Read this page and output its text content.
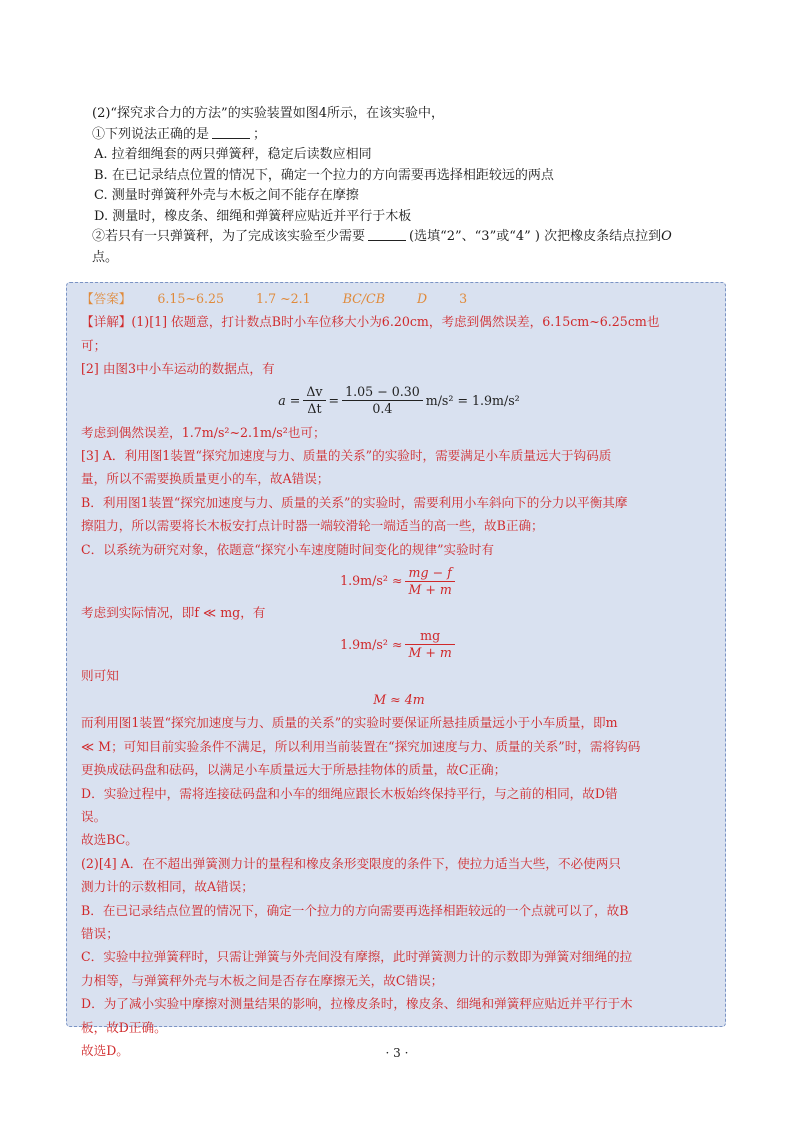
(2)“探究求合力的方法”的实验装置如图4所示，在该实验中，

①下列说法正确的是	；

A. 拉着细绳套的两只弹簧秤，稳定后读数应相同

B. 在已记录结点位置的情况下，确定一个拉力的方向需要再选择相距较远的两点

C. 测量时弹簧秤外壳与木板之间不能存在摩擦

D. 测量时，橡皮条、细绳和弹簧秤应贴近并平行于木板

②若只有一只弹簧秤，为了完成该实验至少需要	(选填“2”、“3”或“4” ) 次把橡皮条结点拉到O

点。

【答案】 6.15~6.25	1.7 ~2.1	BC/CB	D	3

【详解】(1)[1] 依题意，打计数点B时小车位移大小为6.20cm，考虑到偶然误差，6.15cm~6.25cm也

可；

[2] 由图3中小车运动的数据点，有

$a = \frac{\Delta v}{\Delta t} = \frac{1.05 - 0.30}{0.4} m/s^2 = 1.9m/s^2$

考虑到偶然误差，1.7m/s²~2.1m/s²也可；

[3] A．利用图1装置“探究加速度与力、质量的关系”的实验时，需要满足小车质量远大于钩码质

量，所以不需要换质量更小的车，故A错误；

B．利用图1装置“探究加速度与力、质量的关系”的实验时，需要利用小车斜向下的分力以平衡其摩

擦阻力，所以需要将长木板安打点计时器一端较滑轮一端适当的高一些，故B正确；

C．以系统为研究对象，依题意“探究小车速度随时间变化的规律”实验时有

$1.9m/s^2 \approx \frac{mg - f}{M + m}$

考虑到实际情况，即f ≪ mg，有

$1.9m/s^2 \approx \frac{mg}{M + m}$

则可知

M ≈ 4m

而利用图1装置“探究加速度与力、质量的关系”的实验时要保证所悬挂质量远小于小车质量，即m

≪ M；可知目前实验条件不满足，所以利用当前装置在“探究加速度与力、质量的关系”时，需将钩码

更换成砝码盘和砝码，以满足小车质量远大于所悬挂物体的质量，故C正确；

D．实验过程中，需将连接砝码盘和小车的细绳应跟长木板始终保持平行，与之前的相同，故D错

误。

故选BC。

(2)[4] A．在不超出弹簧测力计的量程和橡皮条形变限度的条件下，使拉力适当大些，不必使两只

测力计的示数相同，故A错误；

B．在已记录结点位置的情况下，确定一个拉力的方向需要再选择相距较远的一个点就可以了，故B

错误；

C．实验中拉弹簧秤时，只需让弹簧与外壳间没有摩擦，此时弹簧测力计的示数即为弹簧对细绳的拉

力相等，与弹簧秤外壳与木板之间是否存在摩擦无关，故C错误；

D．为了减小实验中摩擦对测量结果的影响，拉橡皮条时，橡皮条、细绳和弹簧秤应贴近并平行于木

板，故D正确。

故选D。	· 3 ·
